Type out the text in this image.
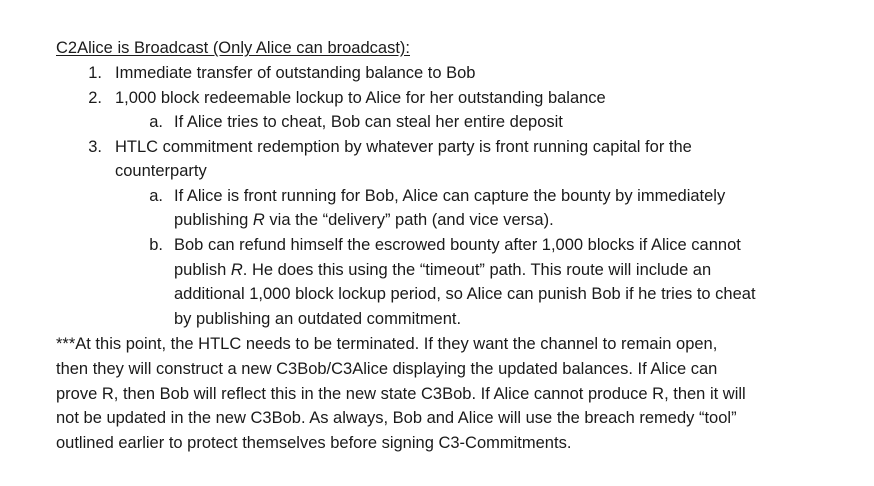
C2Alice is Broadcast (Only Alice can broadcast):
1. Immediate transfer of outstanding balance to Bob
2. 1,000 block redeemable lockup to Alice for her outstanding balance
a. If Alice tries to cheat, Bob can steal her entire deposit
3. HTLC commitment redemption by whatever party is front running capital for the
counterparty
a. If Alice is front running for Bob, Alice can capture the bounty by immediately
publishing R via the “delivery” path (and vice versa).
b. Bob can refund himself the escrowed bounty after 1,000 blocks if Alice cannot
publish R. He does this using the “timeout” path. This route will include an
additional 1,000 block lockup period, so Alice can punish Bob if he tries to cheat
by publishing an outdated commitment.
***At this point, the HTLC needs to be terminated. If they want the channel to remain open,
then they will construct a new C3Bob/C3Alice displaying the updated balances. If Alice can
prove R, then Bob will reflect this in the new state C3Bob. If Alice cannot produce R, then it will
not be updated in the new C3Bob. As always, Bob and Alice will use the breach remedy “tool”
outlined earlier to protect themselves before signing C3-Commitments.
